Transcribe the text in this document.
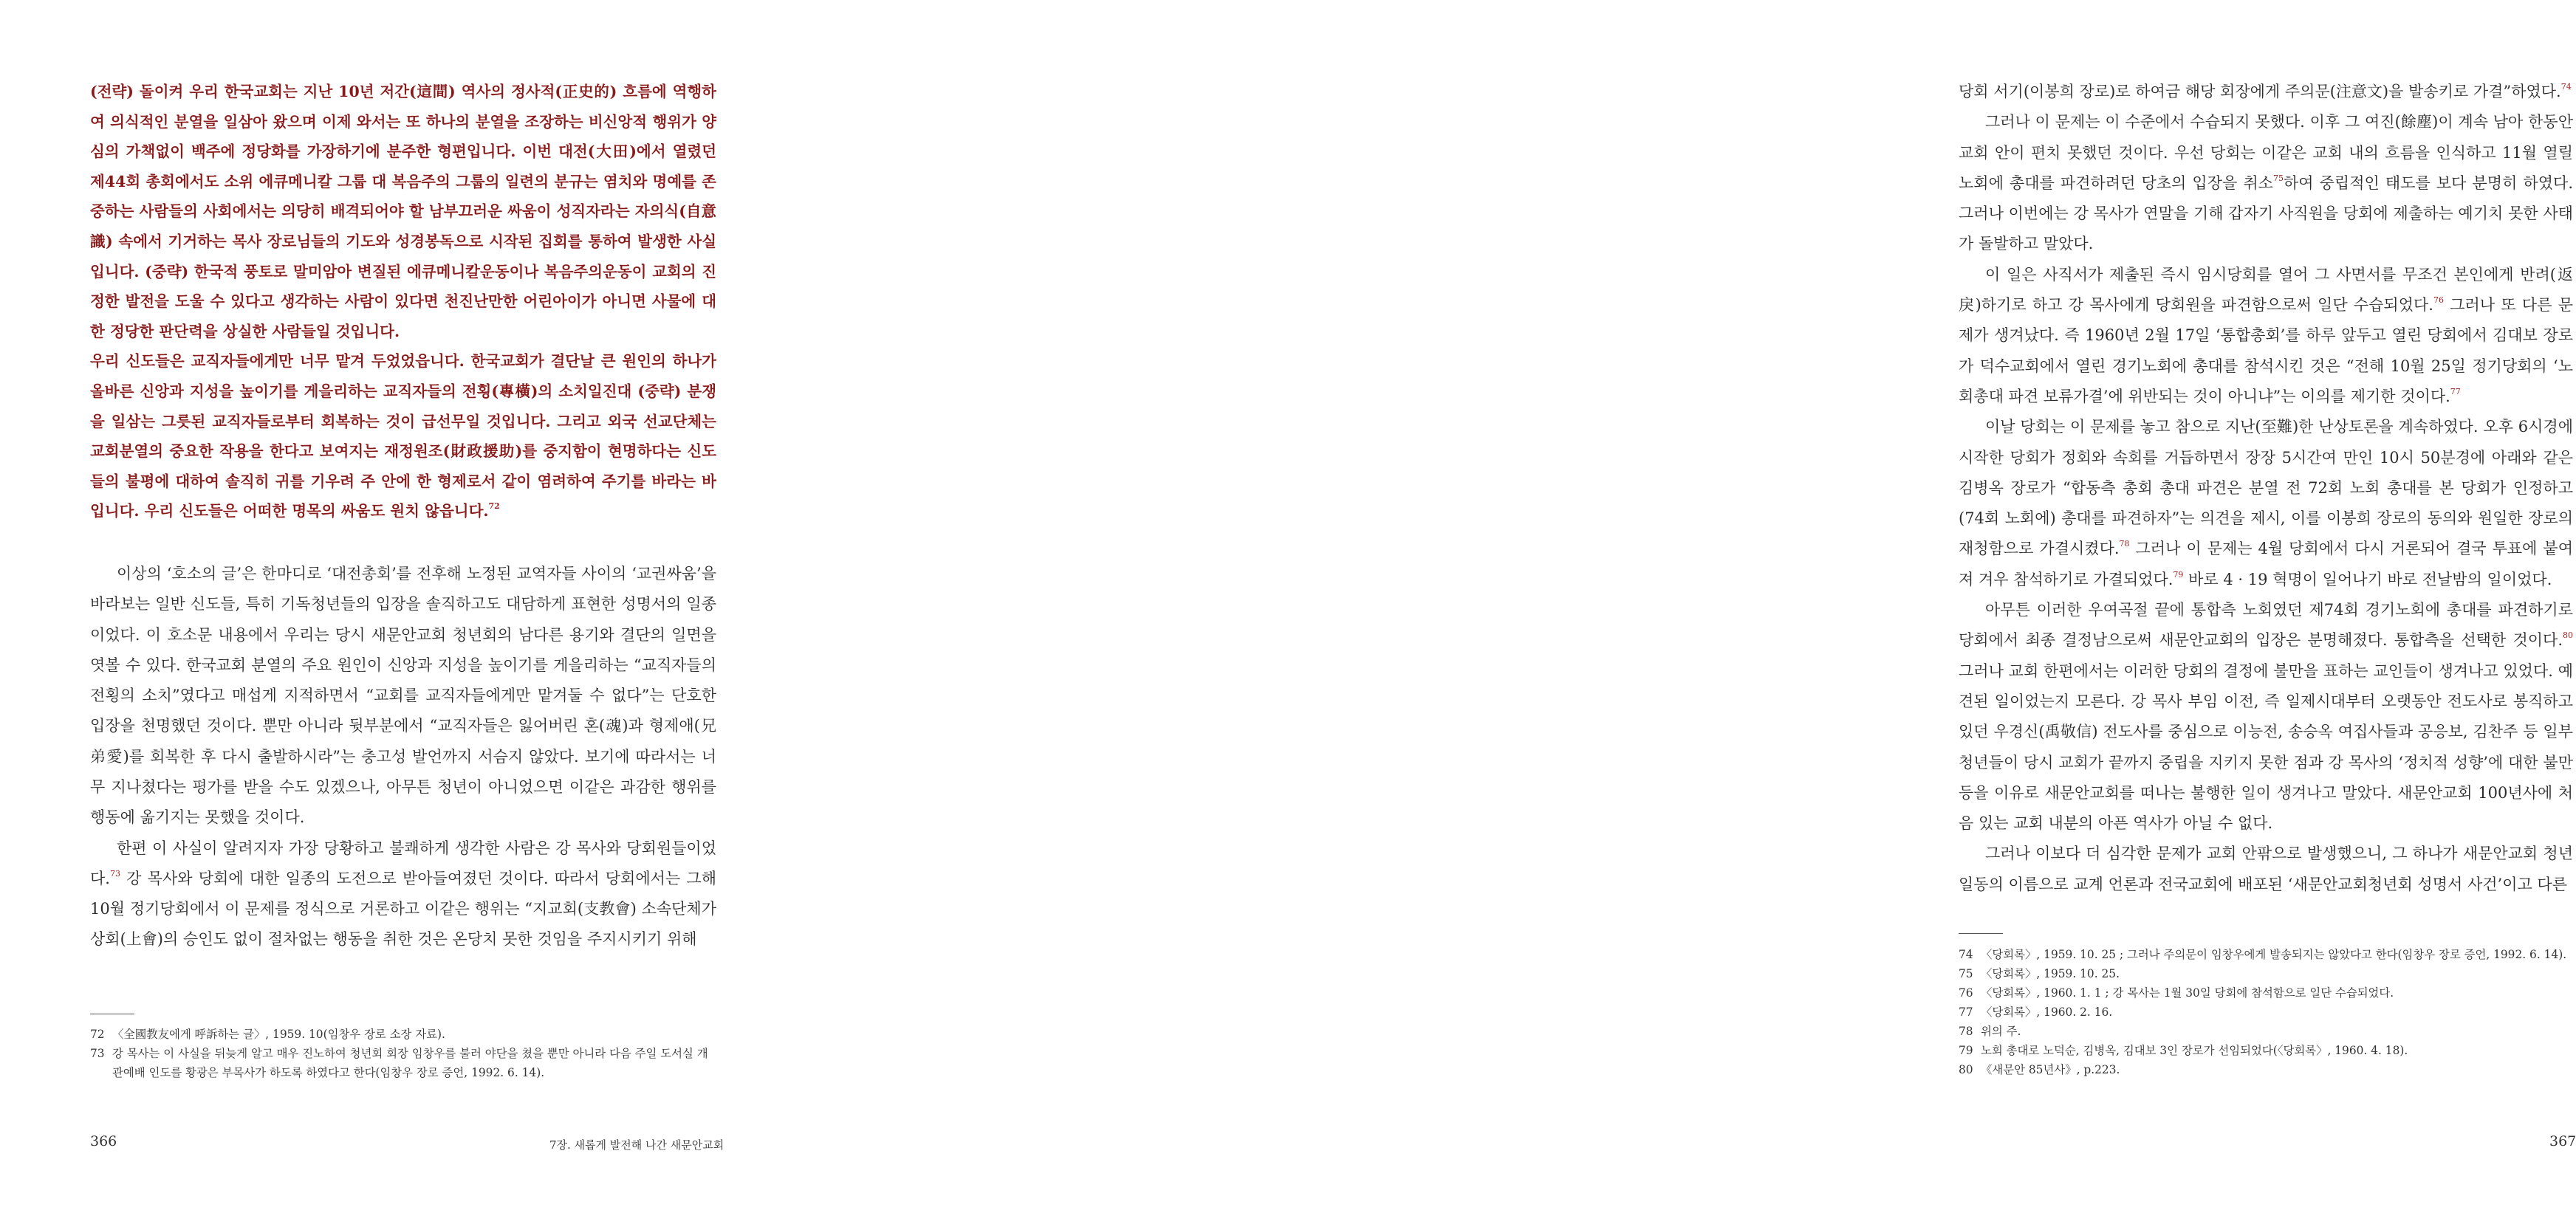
(전략) 돌이켜 우리 한국교회는 지난 10년 저간(這間) 역사의 정사적(正史的) 흐름에 역행하여 의식적인 분열을 일삼아 왔으며 이제 와서는 또 하나의 분열을 조장하는 비신앙적 행위가 양심의 가책없이 백주에 정당화를 가장하기에 분주한 형편입니다. 이번 대전(大田)에서 열렸던 제44회 총회에서도 소위 에큐메니칼 그룹 대 복음주의 그룹의 일련의 분규는 염치와 명예를 존중하는 사람들의 사회에서는 의당히 배격되어야 할 남부끄러운 싸움이 성직자라는 자의식(自意識) 속에서 기거하는 목사 장로님들의 기도와 성경봉독으로 시작된 집회를 통하여 발생한 사실입니다. (중략) 한국적 풍토로 말미암아 변질된 에큐메니칼운동이나 복음주의운동이 교회의 진정한 발전을 도울 수 있다고 생각하는 사람이 있다면 천진난만한 어린아이가 아니면 사물에 대한 정당한 판단력을 상실한 사람들일 것입니다.

우리 신도들은 교직자들에게만 너무 맡겨 두었었읍니다. 한국교회가 결단날 큰 원인의 하나가 올바른 신앙과 지성을 높이기를 게을리하는 교직자들의 전횡(專橫)의 소치일진대 (중략) 분쟁을 일삼는 그릇된 교직자들로부터 회복하는 것이 급선무일 것입니다. 그리고 외국 선교단체는 교회분열의 중요한 작용을 한다고 보여지는 재정원조(財政援助)를 중지함이 현명하다는 신도들의 불평에 대하여 솔직히 귀를 기우려 주 안에 한 형제로서 같이 염려하여 주기를 바라는 바입니다. 우리 신도들은 어떠한 명목의 싸움도 원치 않읍니다.$^{72}$

이상의 ‘호소의 글’은 한마디로 ‘대전총회’를 전후해 노정된 교역자들 사이의 ‘교권싸움’을 바라보는 일반 신도들, 특히 기독청년들의 입장을 솔직하고도 대담하게 표현한 성명서의 일종이었다. 이 호소문 내용에서 우리는 당시 새문안교회 청년회의 남다른 용기와 결단의 일면을 엿볼 수 있다. 한국교회 분열의 주요 원인이 신앙과 지성을 높이기를 게을리하는 “교직자들의 전횡의 소치”였다고 매섭게 지적하면서 “교회를 교직자들에게만 맡겨둘 수 없다”는 단호한 입장을 천명했던 것이다. 뿐만 아니라 뒷부분에서 “교직자들은 잃어버린 혼(魂)과 형제애(兄弟愛)를 회복한 후 다시 출발하시라”는 충고성 발언까지 서슴지 않았다. 보기에 따라서는 너무 지나쳤다는 평가를 받을 수도 있겠으나, 아무튼 청년이 아니었으면 이같은 과감한 행위를 행동에 옮기지는 못했을 것이다.

한편 이 사실이 알려지자 가장 당황하고 불쾌하게 생각한 사람은 강 목사와 당회원들이었다.$^{73}$ 강 목사와 당회에 대한 일종의 도전으로 받아들여졌던 것이다. 따라서 당회에서는 그해 10월 정기당회에서 이 문제를 정식으로 거론하고 이같은 행위는 “지교회(支教會) 소속단체가 상회(上會)의 승인도 없이 절차없는 행동을 취한 것은 온당치 못한 것임을 주지시키기 위해

72 〈全國教友에게 呼訴하는 글〉, 1959. 10(임창우 장로 소장 자료).
73 강 목사는 이 사실을 뒤늦게 알고 매우 진노하여 청년회 회장 임창우를 불러 야단을 쳤을 뿐만 아니라 다음 주일 도서실 개관예배 인도를 황광은 부목사가 하도록 하였다고 한다(임창우 장로 증언, 1992. 6. 14).
366	7장. 새롭게 발전해 나간 새문안교회

당회 서기(이봉희 장로)로 하여금 해당 회장에게 주의문(注意文)을 발송키로 가결”하였다.$^{74}$

그러나 이 문제는 이 수준에서 수습되지 못했다. 이후 그 여진(餘塵)이 계속 남아 한동안 교회 안이 편치 못했던 것이다. 우선 당회는 이같은 교회 내의 흐름을 인식하고 11월 열릴 노회에 총대를 파견하려던 당초의 입장을 취소$^{75}$하여 중립적인 태도를 보다 분명히 하였다. 그러나 이번에는 강 목사가 연말을 기해 갑자기 사직원을 당회에 제출하는 예기치 못한 사태가 돌발하고 말았다.

이 일은 사직서가 제출된 즉시 임시당회를 열어 그 사면서를 무조건 본인에게 반려(返戾)하기로 하고 강 목사에게 당회원을 파견함으로써 일단 수습되었다.$^{76}$ 그러나 또 다른 문제가 생겨났다. 즉 1960년 2월 17일 ‘통합총회’를 하루 앞두고 열린 당회에서 김대보 장로가 덕수교회에서 열린 경기노회에 총대를 참석시킨 것은 “전해 10월 25일 정기당회의 ‘노회총대 파견 보류가결’에 위반되는 것이 아니냐”는 이의를 제기한 것이다.$^{77}$

이날 당회는 이 문제를 놓고 참으로 지난(至難)한 난상토론을 계속하였다. 오후 6시경에 시작한 당회가 정회와 속회를 거듭하면서 장장 5시간여 만인 10시 50분경에 아래와 같은 김병옥 장로가 “합동측 총회 총대 파견은 분열 전 72회 노회 총대를 본 당회가 인정하고 (74회 노회에) 총대를 파견하자”는 의견을 제시, 이를 이봉희 장로의 동의와 원일한 장로의 재청함으로 가결시켰다.$^{78}$ 그러나 이 문제는 4월 당회에서 다시 거론되어 결국 투표에 붙여져 겨우 참석하기로 가결되었다.$^{79}$ 바로 4 · 19 혁명이 일어나기 바로 전날밤의 일이었다.

아무튼 이러한 우여곡절 끝에 통합측 노회였던 제74회 경기노회에 총대를 파견하기로 당회에서 최종 결정남으로써 새문안교회의 입장은 분명해졌다. 통합측을 선택한 것이다.$^{80}$ 그러나 교회 한편에서는 이러한 당회의 결정에 불만을 표하는 교인들이 생겨나고 있었다. 예견된 일이었는지 모른다. 강 목사 부임 이전, 즉 일제시대부터 오랫동안 전도사로 봉직하고 있던 우경신(禹敬信) 전도사를 중심으로 이능전, 송승옥 여집사들과 공응보, 김찬주 등 일부 청년들이 당시 교회가 끝까지 중립을 지키지 못한 점과 강 목사의 ‘정치적 성향’에 대한 불만 등을 이유로 새문안교회를 떠나는 불행한 일이 생겨나고 말았다. 새문안교회 100년사에 처음 있는 교회 내분의 아픈 역사가 아닐 수 없다.

그러나 이보다 더 심각한 문제가 교회 안팎으로 발생했으니, 그 하나가 새문안교회 청년 일동의 이름으로 교계 언론과 전국교회에 배포된 ‘새문안교회청년회 성명서 사건’이고 다른

74 〈당회록〉, 1959. 10. 25 ; 그러나 주의문이 임창우에게 발송되지는 않았다고 한다(임창우 장로 증언, 1992. 6. 14).
75 〈당회록〉, 1959. 10. 25.
76 〈당회록〉, 1960. 1. 1 ; 강 목사는 1월 30일 당회에 참석함으로 일단 수습되었다.
77 〈당회록〉, 1960. 2. 16.
78 위의 주.
79 노회 총대로 노덕순, 김병옥, 김대보 3인 장로가 선임되었다(〈당회록〉, 1960. 4. 18).
80 《새문안 85년사》, p.223.
367
